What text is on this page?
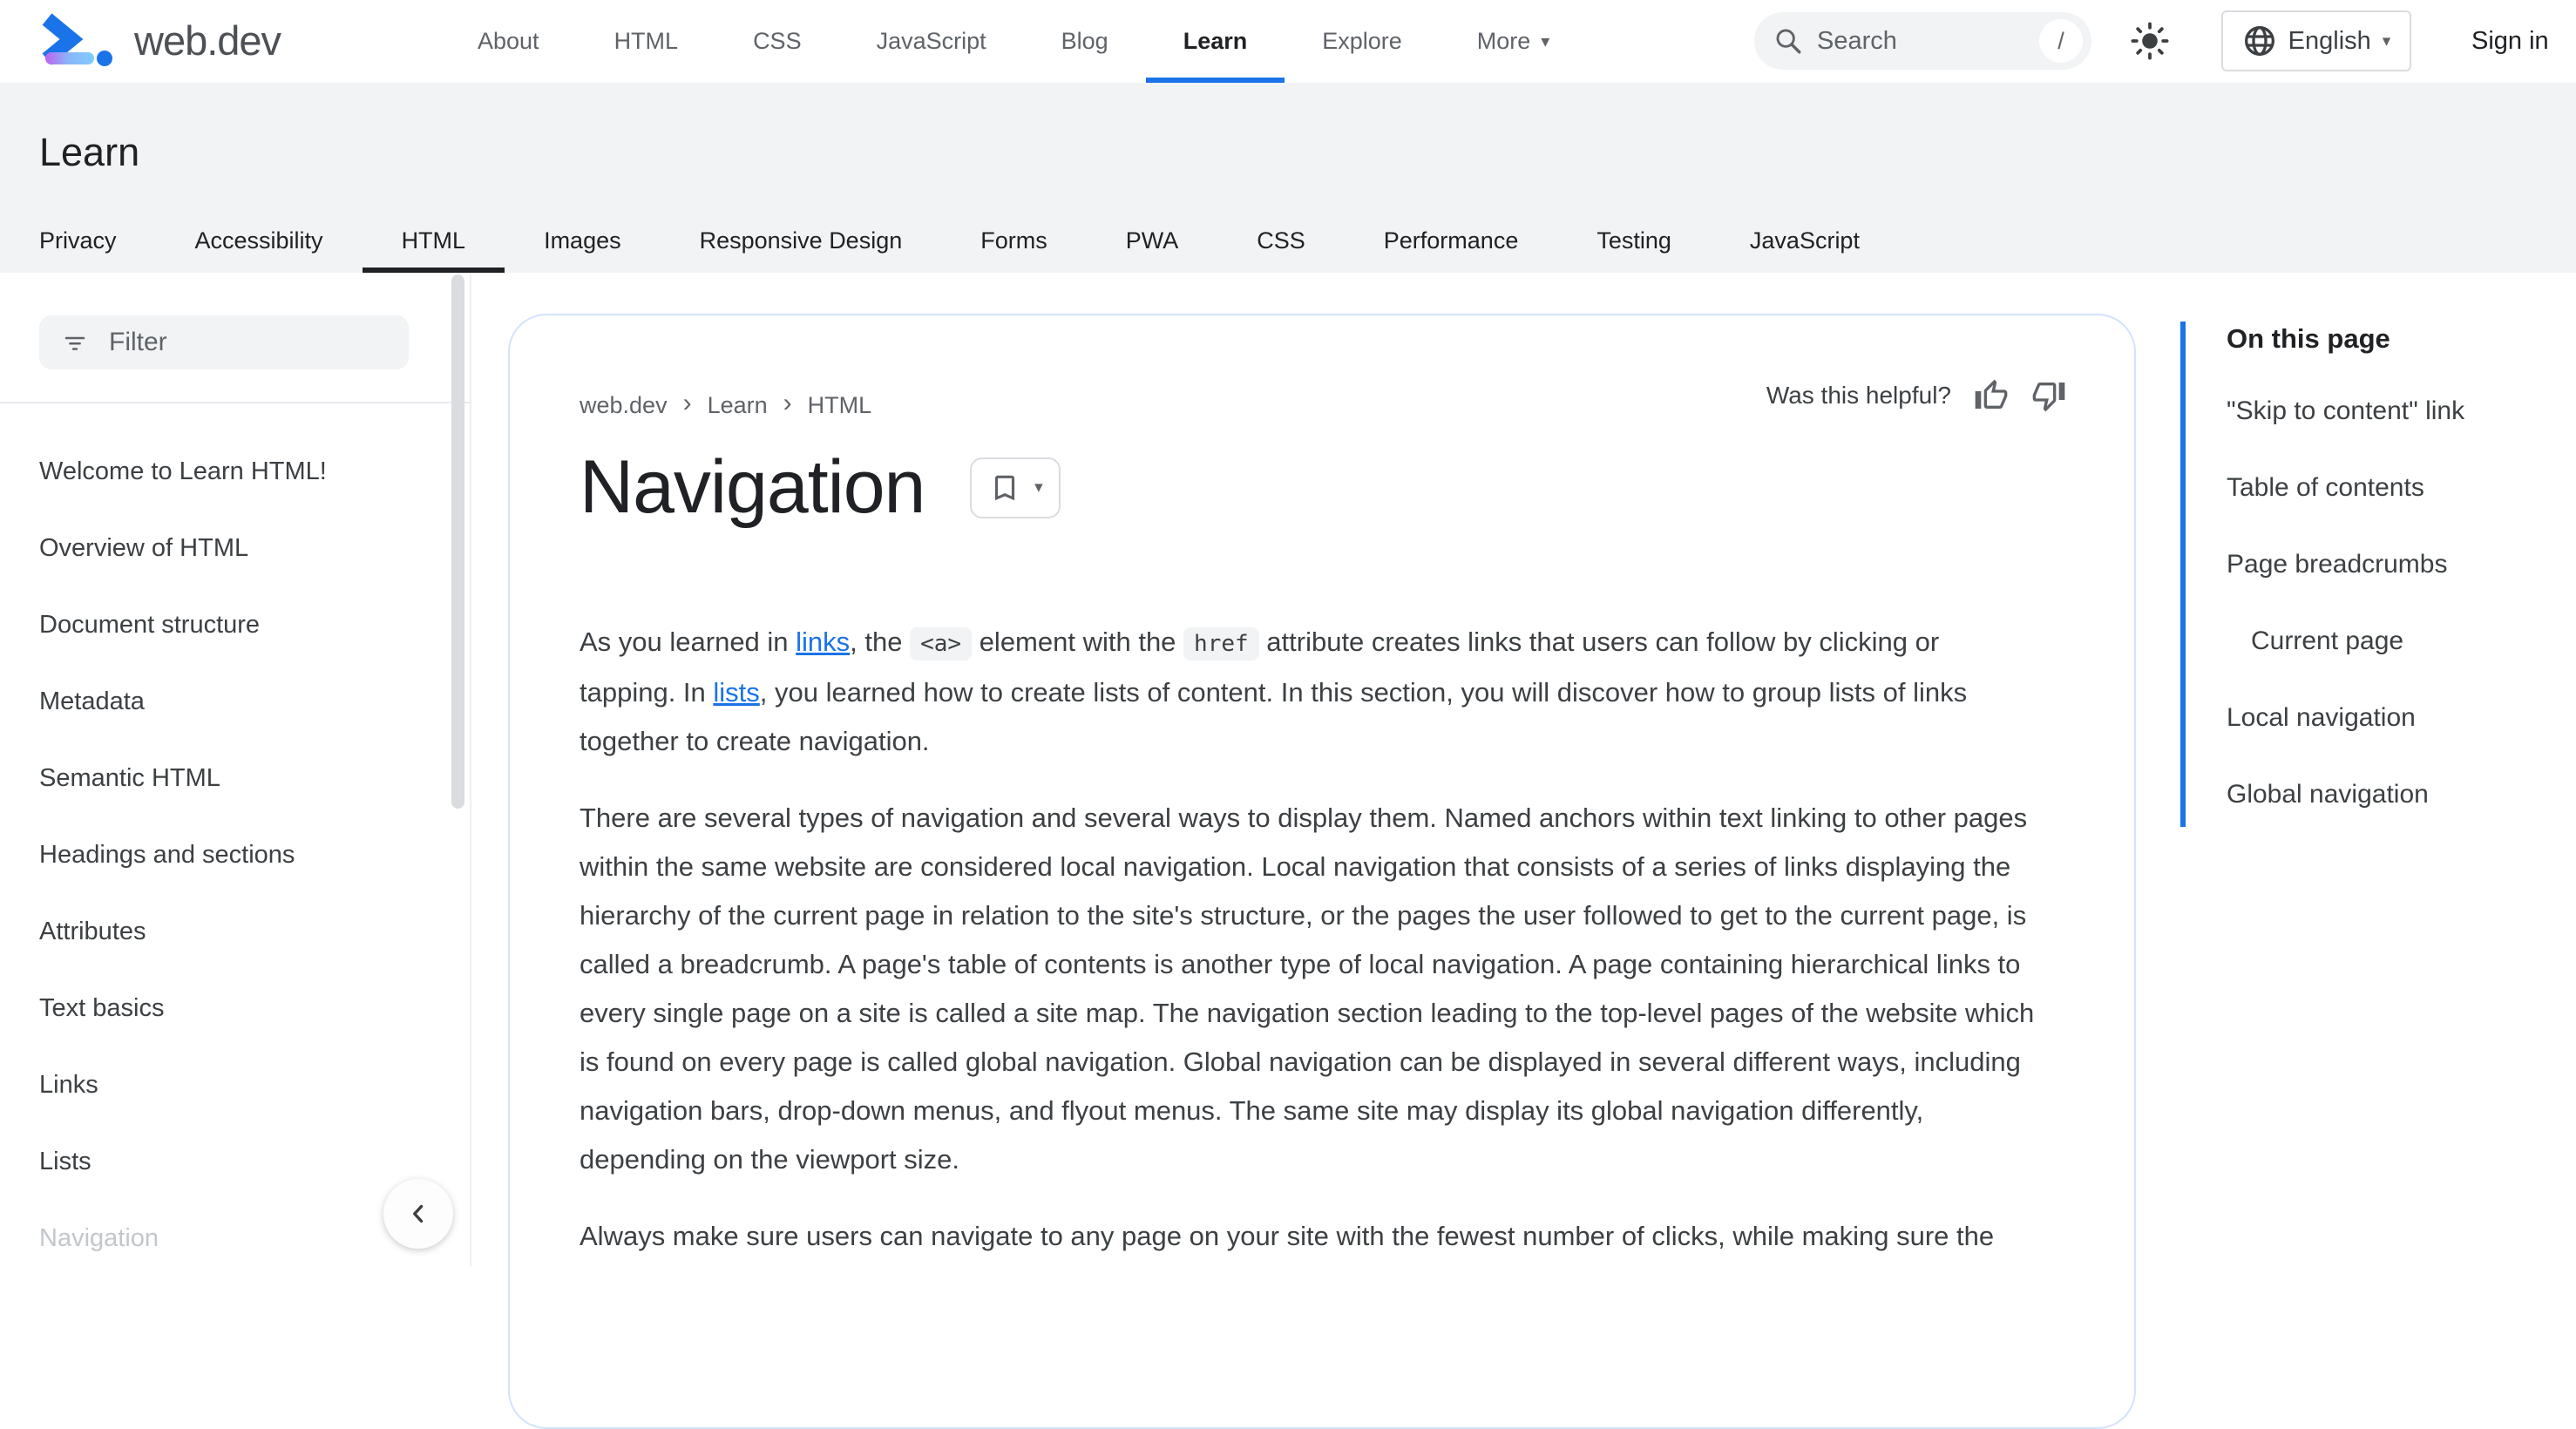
web.dev	About	HTML	CSS	JavaScript	Blog	Learn	Explore	More ▾	Search	/	English ▾	Sign in
Learn
Privacy	Accessibility	HTML	Images	Responsive Design	Forms	PWA	CSS	Performance	Testing	JavaScript
Filter
Welcome to Learn HTML!
Overview of HTML
Document structure
Metadata
Semantic HTML
Headings and sections
Attributes
Text basics
Links
Lists
Navigation
web.dev › Learn › HTML	Was this helpful?
Navigation	▾

As you learned in links, the <a> element with the href attribute creates links that users can follow by clicking or tapping. In lists, you learned how to create lists of content. In this section, you will discover how to group lists of links together to create navigation.

There are several types of navigation and several ways to display them. Named anchors within text linking to other pages within the same website are considered local navigation. Local navigation that consists of a series of links displaying the hierarchy of the current page in relation to the site's structure, or the pages the user followed to get to the current page, is called a breadcrumb. A page's table of contents is another type of local navigation. A page containing hierarchical links to every single page on a site is called a site map. The navigation section leading to the top-level pages of the website which is found on every page is called global navigation. Global navigation can be displayed in several different ways, including navigation bars, drop-down menus, and flyout menus. The same site may display its global navigation differently, depending on the viewport size.

Always make sure users can navigate to any page on your site with the fewest number of clicks, while making sure the

On this page
"Skip to content" link
Table of contents
Page breadcrumbs
Current page
Local navigation
Global navigation
